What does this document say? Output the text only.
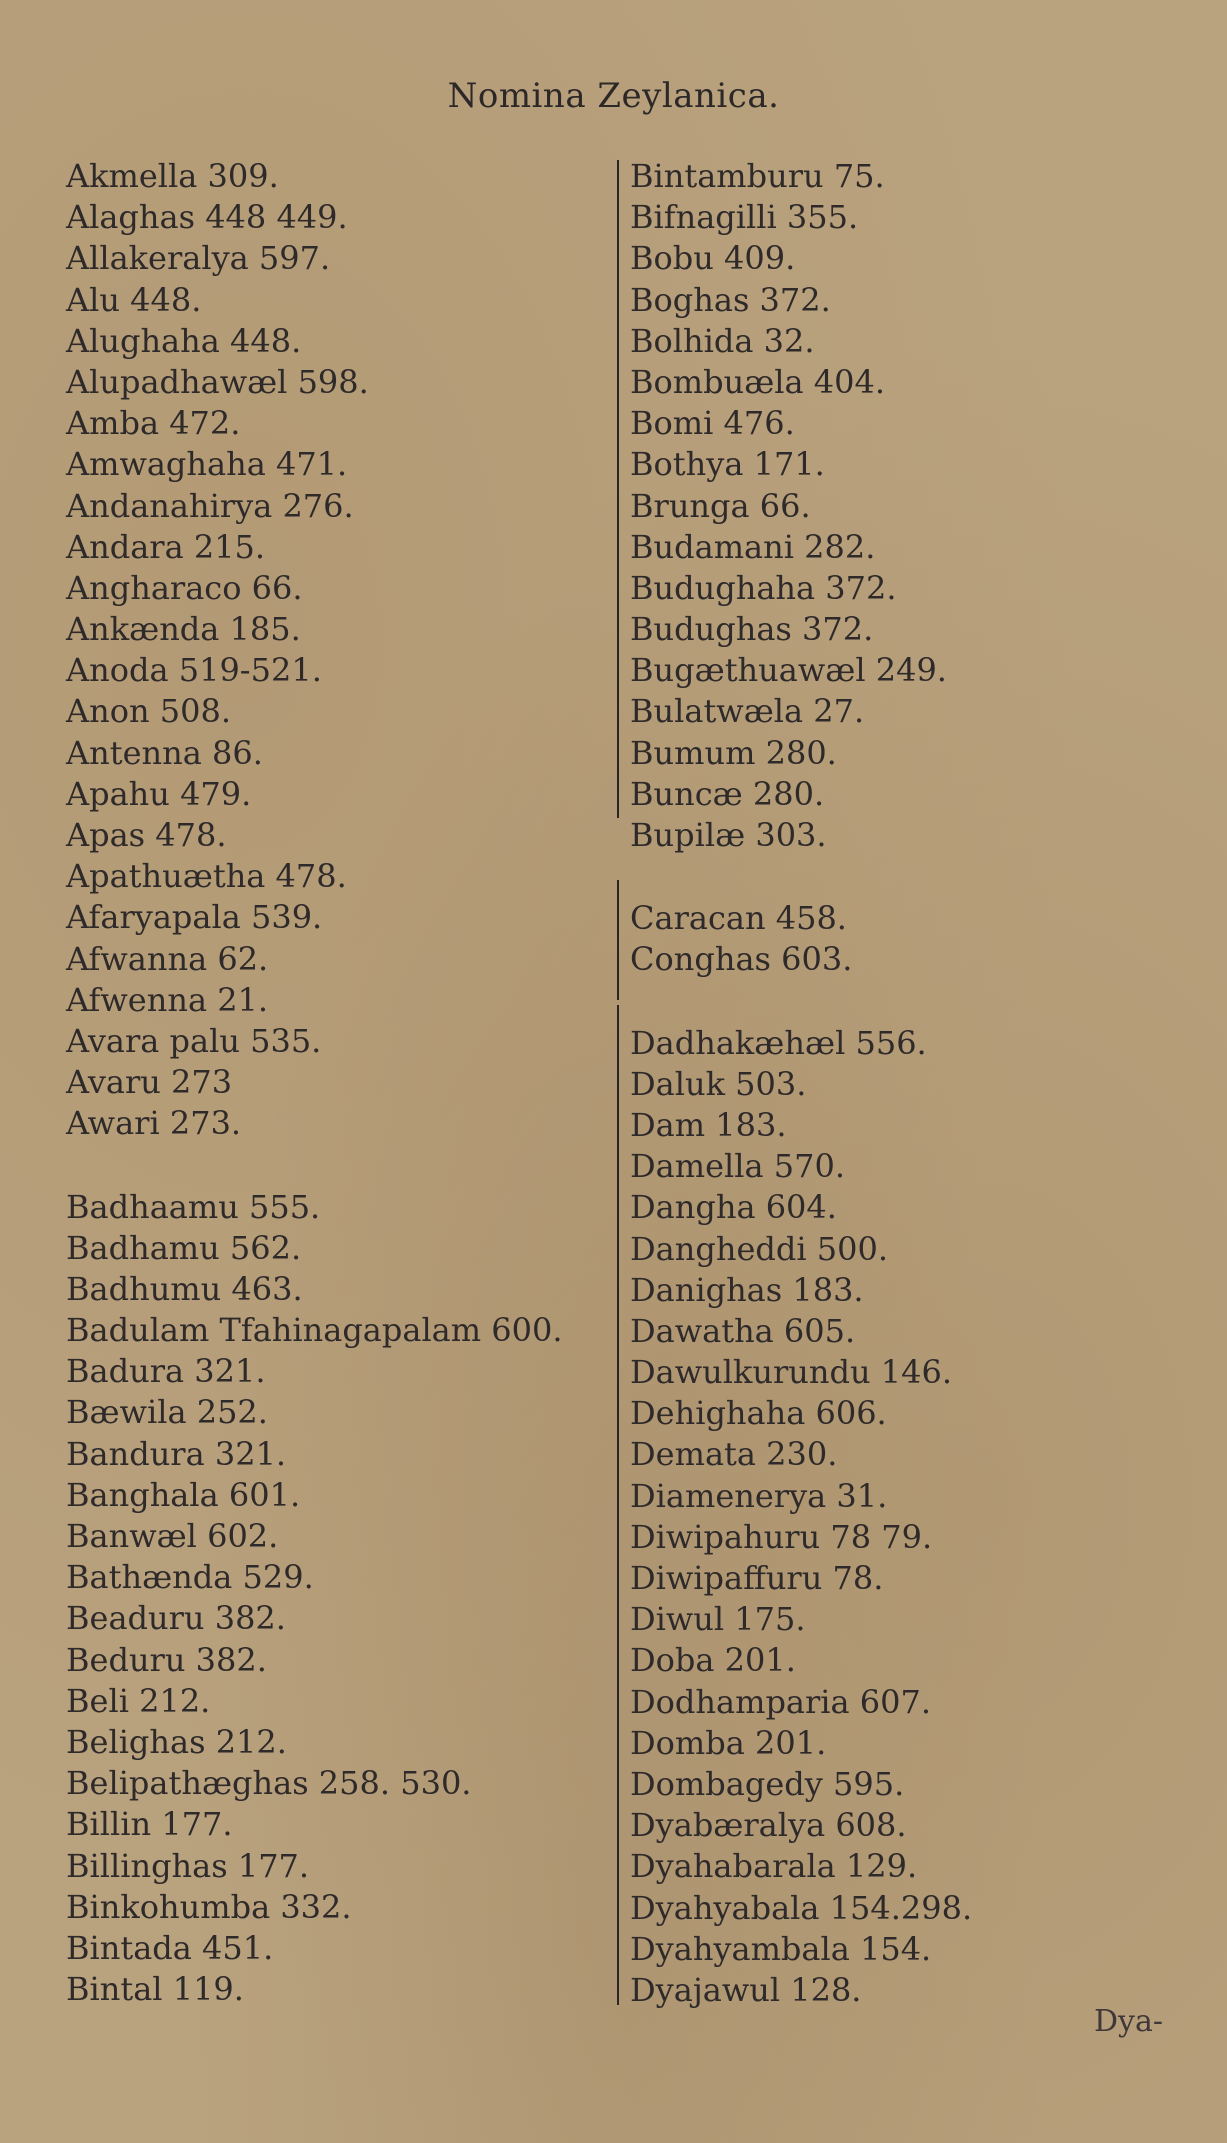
Nomina Zeylanica.
Akmella 309.
Alaghas 448 449.
Allakeralya 597.
Alu 448.
Alughaha 448.
Alupadhawæl 598.
Amba 472.
Amwaghaha 471.
Andanahirya 276.
Andara 215.
Angharaco 66.
Ankænda 185.
Anoda 519-521.
Anon 508.
Antenna 86.
Apahu 479.
Apas 478.
Apathuætha 478.
Afaryapala 539.
Afwanna 62.
Afwenna 21.
Avara palu 535.
Avaru 273
Awari 273.
Badhaamu 555.
Badhamu 562.
Badhumu 463.
Badulam Tfahinagapalam 600.
Badura 321.
Bæwila 252.
Bandura 321.
Banghala 601.
Banwæl 602.
Bathænda 529.
Beaduru 382.
Beduru 382.
Beli 212.
Belighas 212.
Belipathæghas 258. 530.
Billin 177.
Billinghas 177.
Binkohumba 332.
Bintada 451.
Bintal 119.
Bintamburu 75.
Bifnagilli 355.
Bobu 409.
Boghas 372.
Bolhida 32.
Bombuæla 404.
Bomi 476.
Bothya 171.
Brunga 66.
Budamani 282.
Budughaha 372.
Budughas 372.
Bugæthuawæl 249.
Bulatwæla 27.
Bumum 280.
Buncæ 280.
Bupilæ 303.
Caracan 458.
Conghas 603.
Dadhakæhæl 556.
Daluk 503.
Dam 183.
Damella 570.
Dangha 604.
Dangheddi 500.
Danighas 183.
Dawatha 605.
Dawulkurundu 146.
Dehighaha 606.
Demata 230.
Diamenerya 31.
Diwipahuru 78 79.
Diwipaffuru 78.
Diwul 175.
Doba 201.
Dodhamparia 607.
Domba 201.
Dombagedy 595.
Dyabæralya 608.
Dyahabarala 129.
Dyahyabala 154.298.
Dyahyambala 154.
Dyajawul 128.
Dya-
